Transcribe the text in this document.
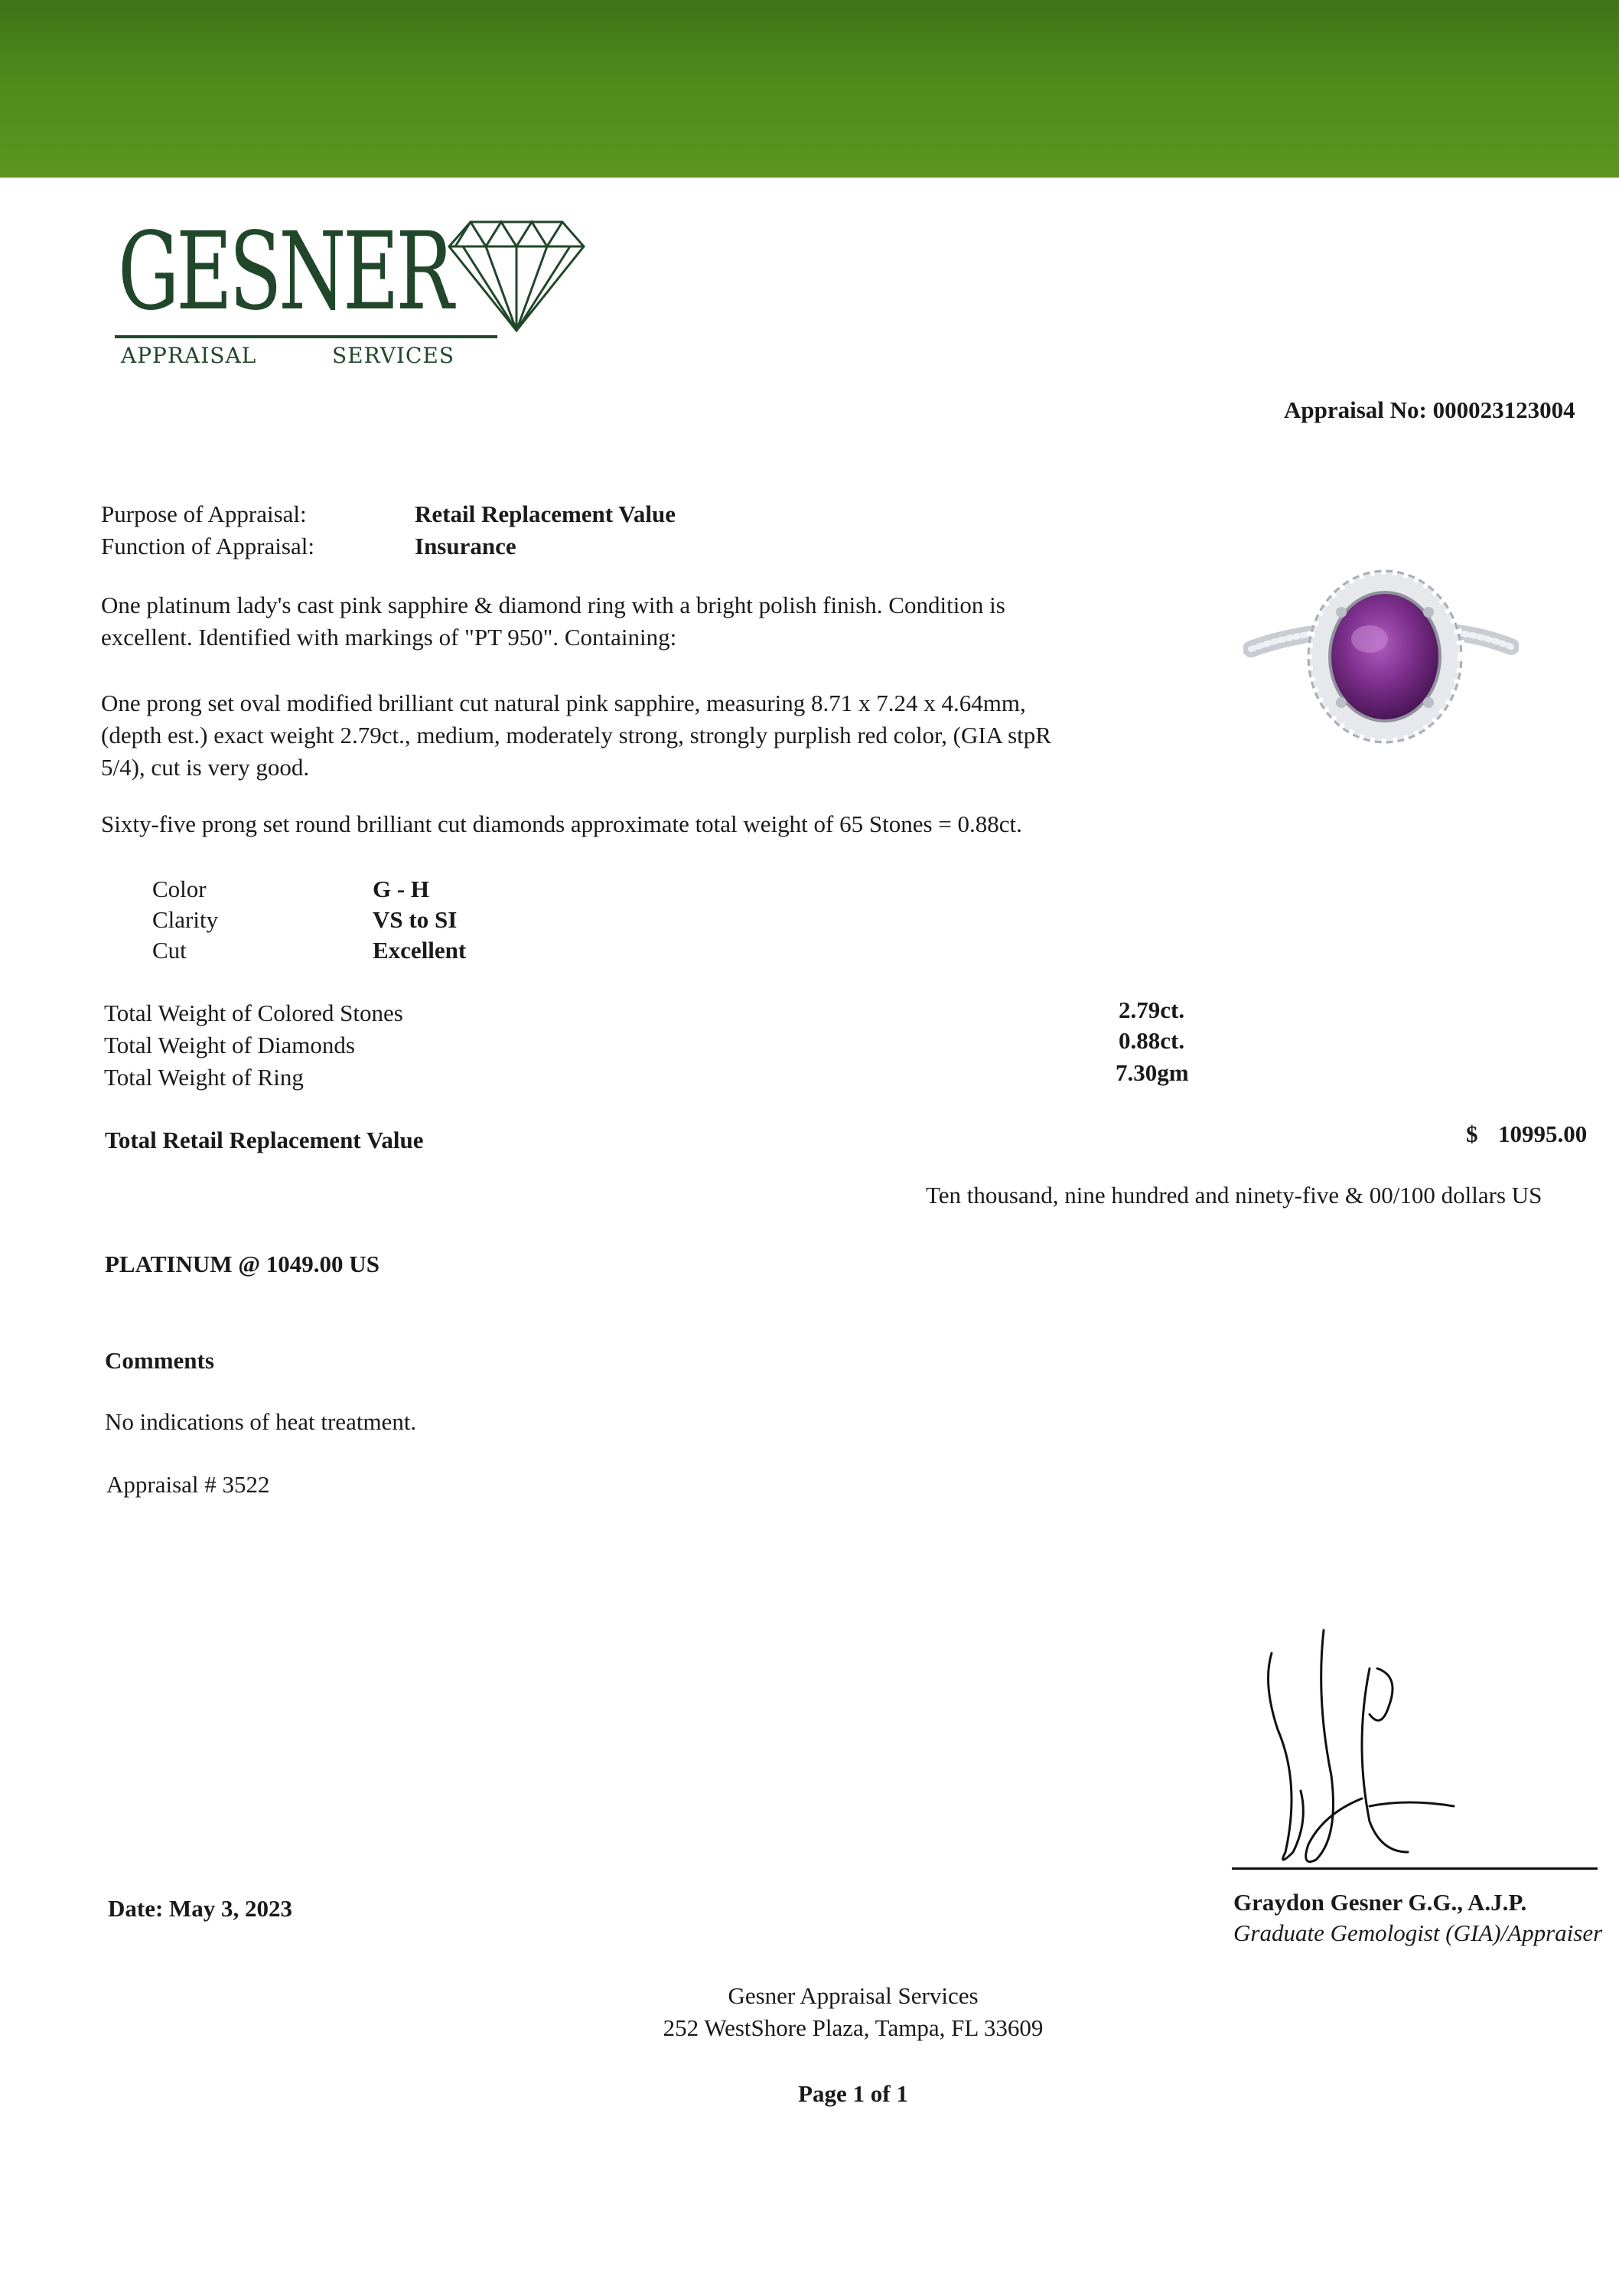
GESNER
APPRAISAL	SERVICES
Appraisal No: 000023123004
Purpose of Appraisal:	Retail Replacement Value
Function of Appraisal:	Insurance
One platinum lady's cast pink sapphire & diamond ring with a bright polish finish. Condition is excellent. Identified with markings of "PT 950". Containing:
One prong set oval modified brilliant cut natural pink sapphire, measuring 8.71 x 7.24 x 4.64mm, (depth est.) exact weight 2.79ct., medium, moderately strong, strongly purplish red color, (GIA stpR 5/4), cut is very good.
Sixty-five prong set round brilliant cut diamonds approximate total weight of 65 Stones = 0.88ct.
Color	G - H
Clarity	VS to SI
Cut	Excellent
Total Weight of Colored Stones	2.79ct.
Total Weight of Diamonds	0.88ct.
Total Weight of Ring	7.30gm
Total Retail Replacement Value	$ 10995.00
Ten thousand, nine hundred and ninety-five & 00/100 dollars US
PLATINUM @ 1049.00 US
Comments
No indications of heat treatment.
Appraisal # 3522
Date: May 3, 2023	Graydon Gesner G.G., A.J.P.
Graduate Gemologist (GIA)/Appraiser
Gesner Appraisal Services
252 WestShore Plaza, Tampa, FL 33609
Page 1 of 1
